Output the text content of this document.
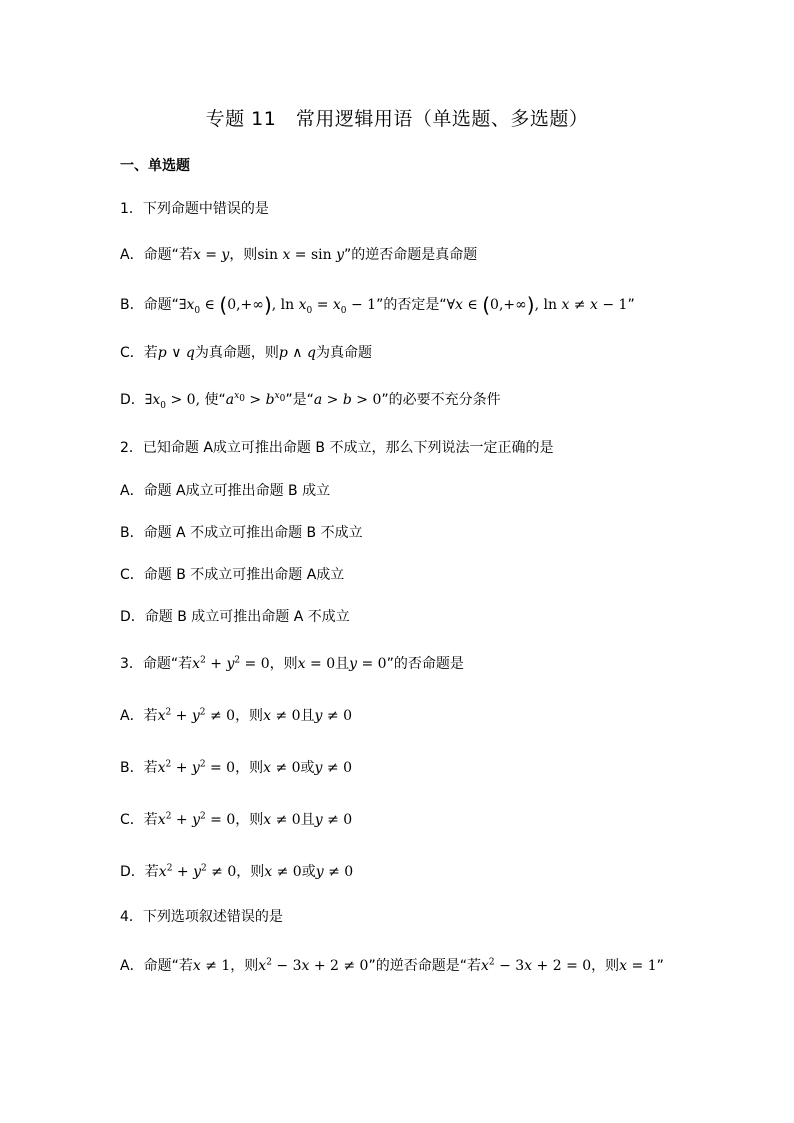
专题 11　常用逻辑用语（单选题、多选题）
一、单选题
1．下列命题中错误的是
A．命题“若x = y，则sin x = sin y”的逆否命题是真命题
B．命题“$\exists x_0$ ∈ (0,+∞), $\ln x_0 = x_0 - 1$”的否定是“∀x ∈ (0,+∞), ln x ≠ x − 1”
C．若p ∨ q为真命题，则p ∧ q为真命题
D．$\exists x_0 > 0$, 使“$a^{x_0} > b^{x_0}$”是“a > b > 0”的必要不充分条件
2．已知命题 A成立可推出命题 B 不成立，那么下列说法一定正确的是
A．命题 A成立可推出命题 B 成立
B．命题 A 不成立可推出命题 B 不成立
C．命题 B 不成立可推出命题 A成立
D．命题 B 成立可推出命题 A 不成立
3．命题“若$x^2 + y^2 = 0$，则x = 0且y = 0”的否命题是
A．若$x^2 + y^2 \ne 0$，则x ≠ 0且y ≠ 0
B．若$x^2 + y^2 = 0$，则x ≠ 0或y ≠ 0
C．若$x^2 + y^2 = 0$，则x ≠ 0且y ≠ 0
D．若$x^2 + y^2 \ne 0$，则x ≠ 0或y ≠ 0
4．下列选项叙述错误的是
A．命题“若x ≠ 1，则$x^2 - 3x + 2 \ne 0$”的逆否命题是“若$x^2 - 3x + 2 = 0$，则x = 1”
